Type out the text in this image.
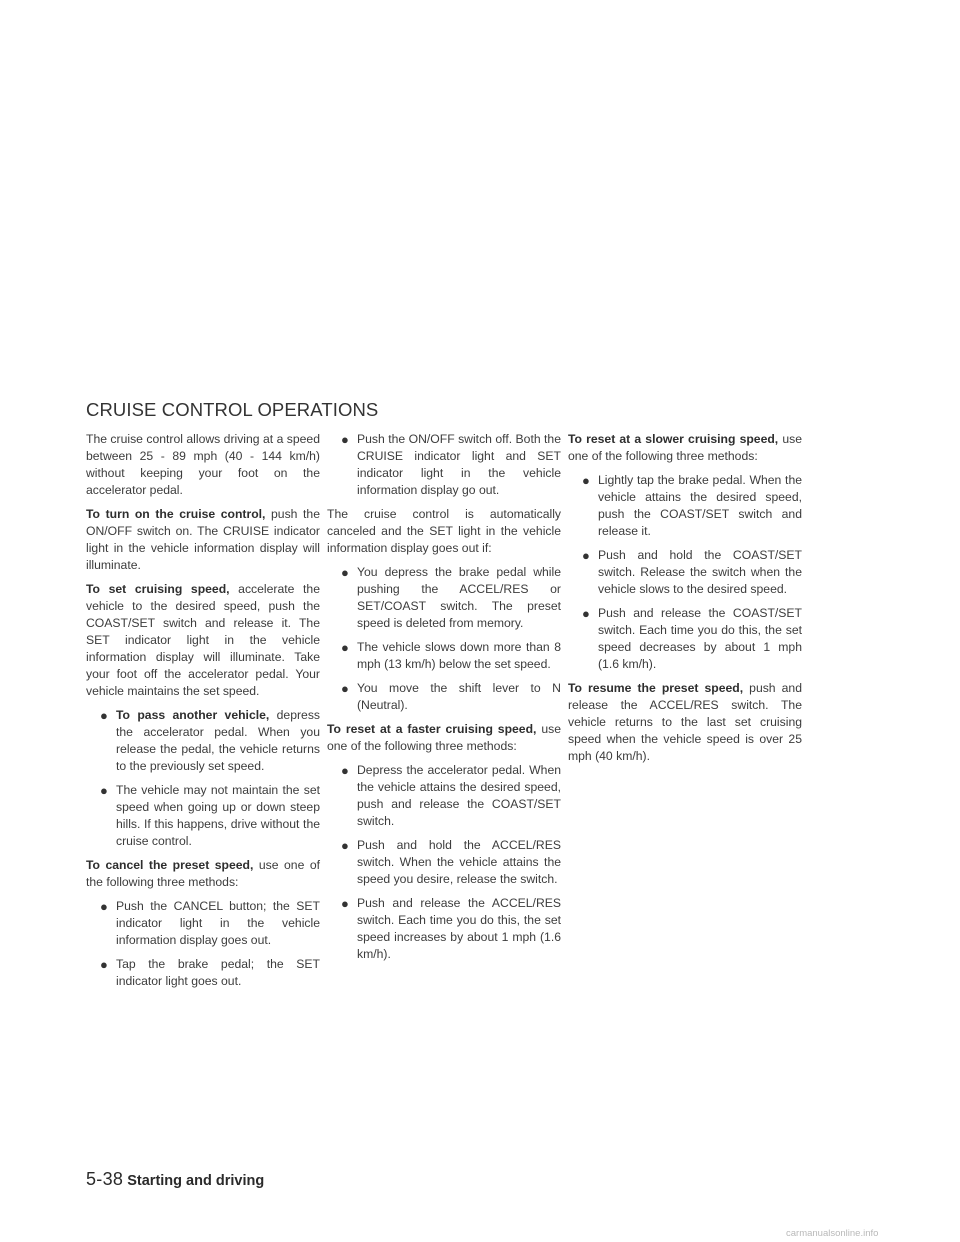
CRUISE CONTROL OPERATIONS

The cruise control allows driving at a speed between 25 - 89 mph (40 - 144 km/h) without keeping your foot on the accelerator pedal.

To turn on the cruise control, push the ON/OFF switch on. The CRUISE indicator light in the vehicle information display will illuminate.

To set cruising speed, accelerate the vehicle to the desired speed, push the COAST/SET switch and release it. The SET indicator light in the vehicle information display will illuminate. Take your foot off the accelerator pedal. Your vehicle maintains the set speed.

● To pass another vehicle, depress the accelerator pedal. When you release the pedal, the vehicle returns to the previously set speed.
● The vehicle may not maintain the set speed when going up or down steep hills. If this happens, drive without the cruise control.

To cancel the preset speed, use one of the following three methods:

● Push the CANCEL button; the SET indicator light in the vehicle information display goes out.
● Tap the brake pedal; the SET indicator light goes out.
● Push the ON/OFF switch off. Both the CRUISE indicator light and SET indicator light in the vehicle information display go out.

The cruise control is automatically canceled and the SET light in the vehicle information display goes out if:

● You depress the brake pedal while pushing the ACCEL/RES or SET/COAST switch. The preset speed is deleted from memory.
● The vehicle slows down more than 8 mph (13 km/h) below the set speed.
● You move the shift lever to N (Neutral).

To reset at a faster cruising speed, use one of the following three methods:

● Depress the accelerator pedal. When the vehicle attains the desired speed, push and release the COAST/SET switch.
● Push and hold the ACCEL/RES switch. When the vehicle attains the speed you desire, release the switch.
● Push and release the ACCEL/RES switch. Each time you do this, the set speed increases by about 1 mph (1.6 km/h).

To reset at a slower cruising speed, use one of the following three methods:

● Lightly tap the brake pedal. When the vehicle attains the desired speed, push the COAST/SET switch and release it.
● Push and hold the COAST/SET switch. Release the switch when the vehicle slows to the desired speed.
● Push and release the COAST/SET switch. Each time you do this, the set speed decreases by about 1 mph (1.6 km/h).

To resume the preset speed, push and release the ACCEL/RES switch. The vehicle returns to the last set cruising speed when the vehicle speed is over 25 mph (40 km/h).

5-38 Starting and driving
carmanualsonline.info
